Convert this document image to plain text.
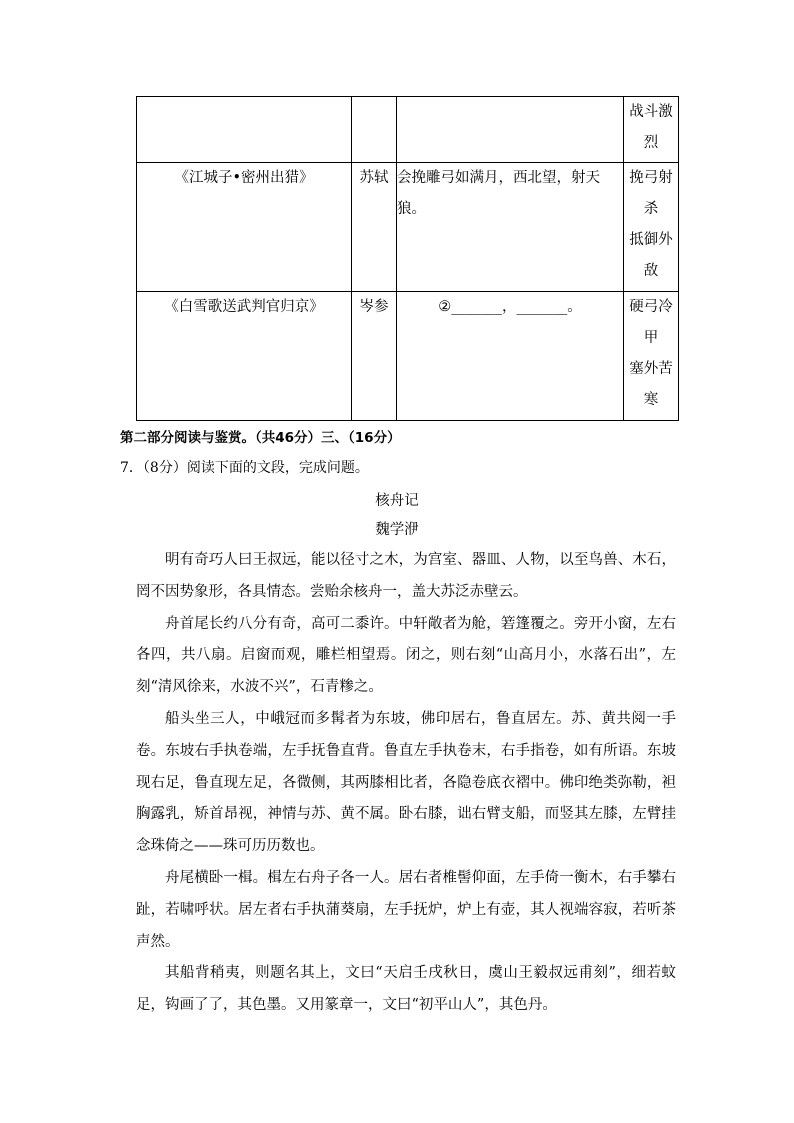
			战斗激
烈

《江城子•密州出猎》	苏轼	会挽雕弓如满月，西北望，射天狼。	挽弓射
杀
抵御外
敌

《白雪歌送武判官归京》	岑参	②_______，_______。	硬弓冷
甲
塞外苦
寒
第二部分阅读与鉴赏。（共46分）三、（16分）
7．（8分）阅读下面的文段，完成问题。
核舟记
魏学洢

明有奇巧人曰王叔远，能以径寸之木，为宫室、器皿、人物，以至鸟兽、木石，罔不因势象形，各具情态。尝贻余核舟一，盖大苏泛赤壁云。

舟首尾长约八分有奇，高可二黍许。中轩敞者为舱，箬篷覆之。旁开小窗，左右各四，共八扇。启窗而观，雕栏相望焉。闭之，则右刻“山高月小，水落石出”，左刻“清风徐来，水波不兴”，石青糁之。

船头坐三人，中峨冠而多髯者为东坡，佛印居右，鲁直居左。苏、黄共阅一手卷。东坡右手执卷端，左手抚鲁直背。鲁直左手执卷末，右手指卷，如有所语。东坡现右足，鲁直现左足，各微侧，其两膝相比者，各隐卷底衣褶中。佛印绝类弥勒，袒胸露乳，矫首昂视，神情与苏、黄不属。卧右膝，诎右臂支船，而竖其左膝，左臂挂念珠倚之——珠可历历数也。

舟尾横卧一楫。楫左右舟子各一人。居右者椎髻仰面，左手倚一衡木，右手攀右趾，若啸呼状。居左者右手执蒲葵扇，左手抚炉，炉上有壶，其人视端容寂，若听茶声然。

其船背稍夷，则题名其上，文曰“天启壬戌秋日，虞山王毅叔远甫刻”，细若蚊足，钩画了了，其色墨。又用篆章一，文曰“初平山人”，其色丹。
